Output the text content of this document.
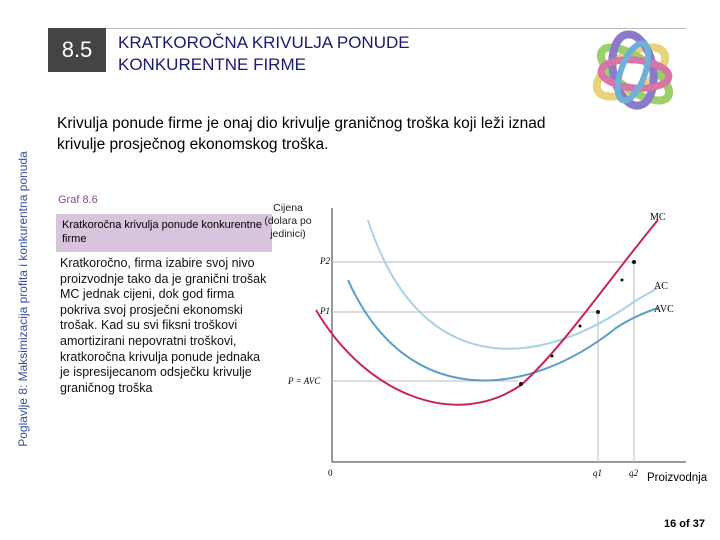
Poglavlje 8: Maksimizacija profita i konkurentna ponuda
8.5	KRATKOROČNA KRIVULJA PONUDE
KONKURENTNE FIRME
Krivulja ponude firme je onaj dio krivulje graničnog troška koji leži iznad krivulje prosječnog ekonomskog troška.
Graf 8.6
Kratkoročna krivulja ponude konkurentne firme
Cijena
(dolara po
jedinici)
Kratkoročno, firma izabire svoj nivo proizvodnje tako da je granični trošak MC jednak cijeni, dok god firma pokriva svoj prosječni ekonomski trošak. Kad su svi fiksni troškovi amortizirani nepovratni troškovi, kratkoročna krivulja ponude jednaka je ispresijecanom odsječku krivulje graničnog troška
MC
AC
AVC
P2
P1
P = AVC
0	q1	q2 Proizvodnja
16 of 37
